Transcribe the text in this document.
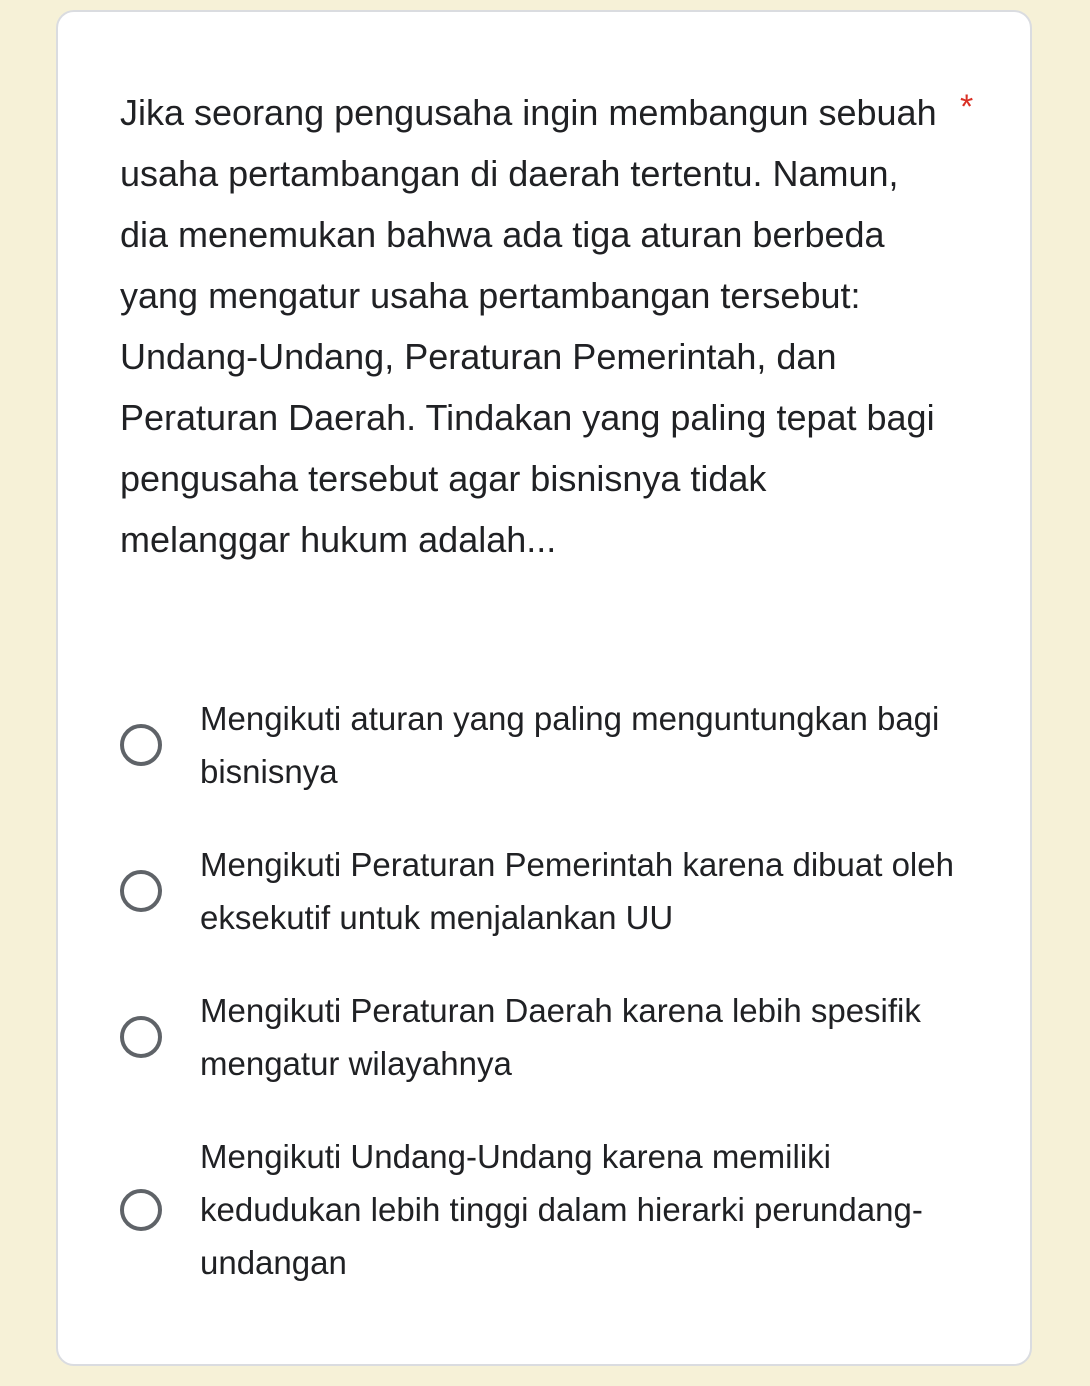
Jika seorang pengusaha ingin membangun sebuah usaha pertambangan di daerah tertentu. Namun, dia menemukan bahwa ada tiga aturan berbeda yang mengatur usaha pertambangan tersebut: Undang-Undang, Peraturan Pemerintah, dan Peraturan Daerah. Tindakan yang paling tepat bagi pengusaha tersebut agar bisnisnya tidak melanggar hukum adalah...

*
Mengikuti aturan yang paling menguntungkan bagi bisnisnya
Mengikuti Peraturan Pemerintah karena dibuat oleh eksekutif untuk menjalankan UU
Mengikuti Peraturan Daerah karena lebih spesifik mengatur wilayahnya
Mengikuti Undang-Undang karena memiliki kedudukan lebih tinggi dalam hierarki perundang-undangan
